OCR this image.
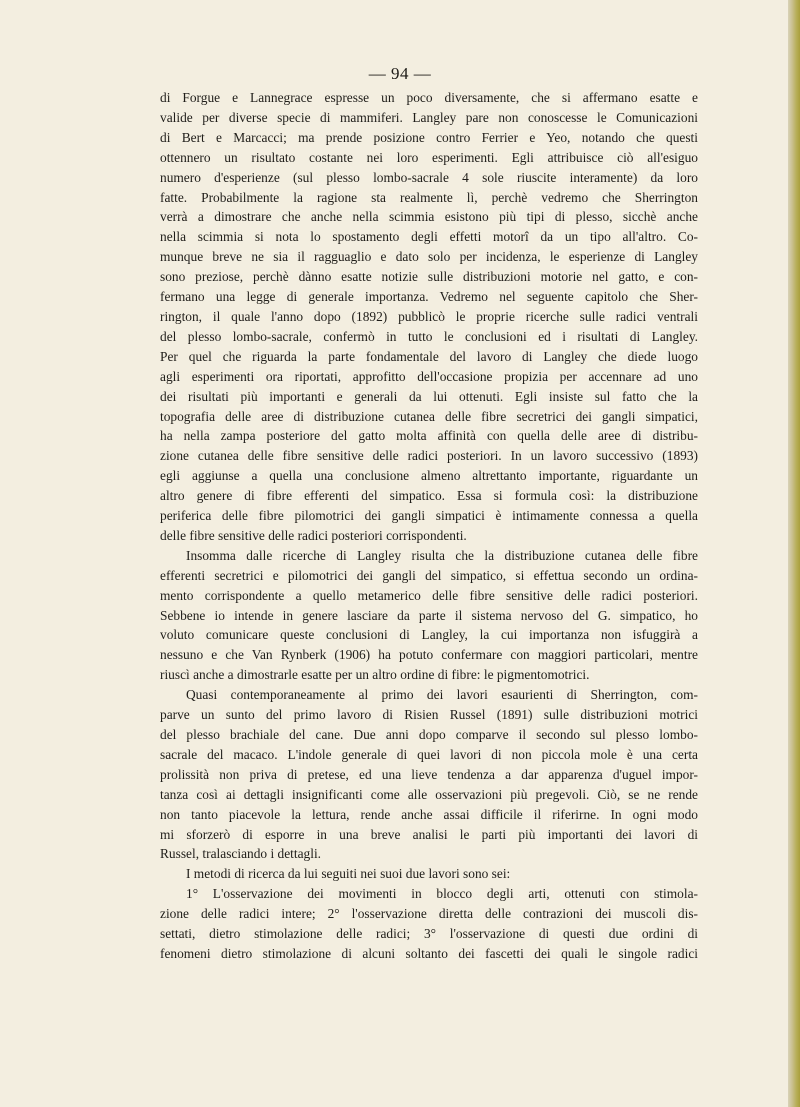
— 94 —

di Forgue e Lannegrace espresse un poco diversamente, che si affermano esatte e

valide per diverse specie di mammiferi. Langley pare non conoscesse le Comunicazioni

di Bert e Marcacci; ma prende posizione contro Ferrier e Yeo, notando che questi

ottennero un risultato costante nei loro esperimenti. Egli attribuisce ciò all'esiguo

numero d'esperienze (sul plesso lombo-sacrale 4 sole riuscite interamente) da loro

fatte. Probabilmente la ragione sta realmente lì, perchè vedremo che Sherrington

verrà a dimostrare che anche nella scimmia esistono più tipi di plesso, sicchè anche

nella scimmia si nota lo spostamento degli effetti motorî da un tipo all'altro. Co-

munque breve ne sia il ragguaglio e dato solo per incidenza, le esperienze di Langley

sono preziose, perchè dànno esatte notizie sulle distribuzioni motorie nel gatto, e con-

fermano una legge di generale importanza. Vedremo nel seguente capitolo che Sher-

rington, il quale l'anno dopo (1892) pubblicò le proprie ricerche sulle radici ventrali

del plesso lombo-sacrale, confermò in tutto le conclusioni ed i risultati di Langley.

Per quel che riguarda la parte fondamentale del lavoro di Langley che diede luogo

agli esperimenti ora riportati, approfitto dell'occasione propizia per accennare ad uno

dei risultati più importanti e generali da lui ottenuti. Egli insiste sul fatto che la

topografia delle aree di distribuzione cutanea delle fibre secretrici dei gangli simpatici,

ha nella zampa posteriore del gatto molta affinità con quella delle aree di distribu-

zione cutanea delle fibre sensitive delle radici posteriori. In un lavoro successivo (1893)

egli aggiunse a quella una conclusione almeno altrettanto importante, riguardante un

altro genere di fibre efferenti del simpatico. Essa si formula così: la distribuzione

periferica delle fibre pilomotrici dei gangli simpatici è intimamente connessa a quella

delle fibre sensitive delle radici posteriori corrispondenti.

Insomma dalle ricerche di Langley risulta che la distribuzione cutanea delle fibre

efferenti secretrici e pilomotrici dei gangli del simpatico, si effettua secondo un ordina-

mento corrispondente a quello metamerico delle fibre sensitive delle radici posteriori.

Sebbene io intende in genere lasciare da parte il sistema nervoso del G. simpatico, ho

voluto comunicare queste conclusioni di Langley, la cui importanza non isfuggirà a

nessuno e che Van Rynberk (1906) ha potuto confermare con maggiori particolari, mentre

riuscì anche a dimostrarle esatte per un altro ordine di fibre: le pigmentomotrici.

Quasi contemporaneamente al primo dei lavori esaurienti di Sherrington, com-

parve un sunto del primo lavoro di Risien Russel (1891) sulle distribuzioni motrici

del plesso brachiale del cane. Due anni dopo comparve il secondo sul plesso lombo-

sacrale del macaco. L'indole generale di quei lavori di non piccola mole è una certa

prolissità non priva di pretese, ed una lieve tendenza a dar apparenza d'uguel impor-

tanza così ai dettagli insignificanti come alle osservazioni più pregevoli. Ciò, se ne rende

non tanto piacevole la lettura, rende anche assai difficile il riferirne. In ogni modo

mi sforzerò di esporre in una breve analisi le parti più importanti dei lavori di

Russel, tralasciando i dettagli.

I metodi di ricerca da lui seguiti nei suoi due lavori sono sei:

1° L'osservazione dei movimenti in blocco degli arti, ottenuti con stimola-

zione delle radici intere; 2° l'osservazione diretta delle contrazioni dei muscoli dis-

settati, dietro stimolazione delle radici; 3° l'osservazione di questi due ordini di

fenomeni dietro stimolazione di alcuni soltanto dei fascetti dei quali le singole radici
